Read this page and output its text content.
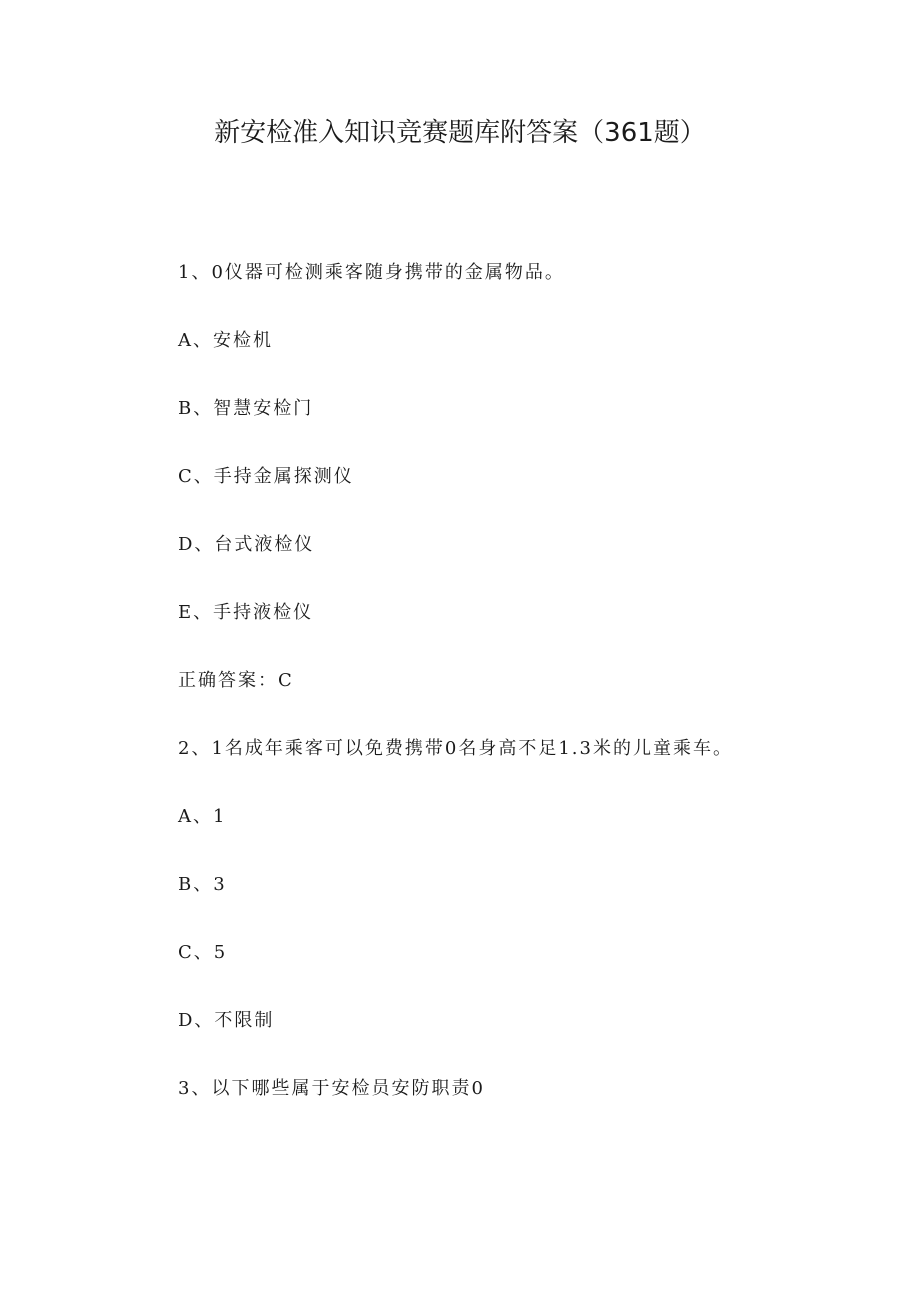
新安检准入知识竞赛题库附答案（361题）

1、0仪器可检测乘客随身携带的金属物品。

A、安检机

B、智慧安检门

C、手持金属探测仪

D、台式液检仪

E、手持液检仪

正确答案：C

2、1名成年乘客可以免费携带0名身高不足1.3米的儿童乘车。

A、1

B、3

C、5

D、不限制

3、以下哪些属于安检员安防职责0
